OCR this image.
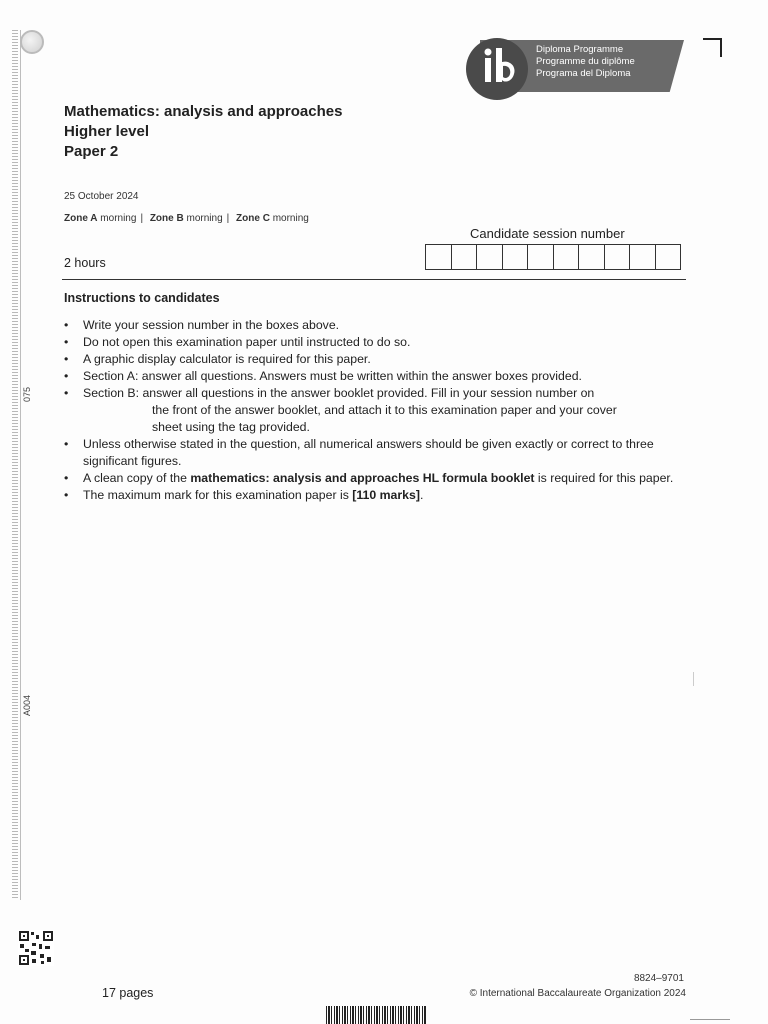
075
A004
Diploma Programme
Programme du diplôme
Programa del Diploma
Mathematics: analysis and approaches
Higher level
Paper 2
25 October 2024
Zone A morning | Zone B morning | Zone C morning
Candidate session number
2 hours
Instructions to candidates
• Write your session number in the boxes above.
• Do not open this examination paper until instructed to do so.
• A graphic display calculator is required for this paper.
• Section A: answer all questions. Answers must be written within the answer boxes provided.
• Section B: answer all questions in the answer booklet provided. Fill in your session number on
the front of the answer booklet, and attach it to this examination paper and your cover
sheet using the tag provided.
• Unless otherwise stated in the question, all numerical answers should be given exactly or correct to three significant figures.
• A clean copy of the mathematics: analysis and approaches HL formula booklet is required for this paper.
• The maximum mark for this examination paper is [110 marks].
17 pages
8824–9701
© International Baccalaureate Organization 2024
